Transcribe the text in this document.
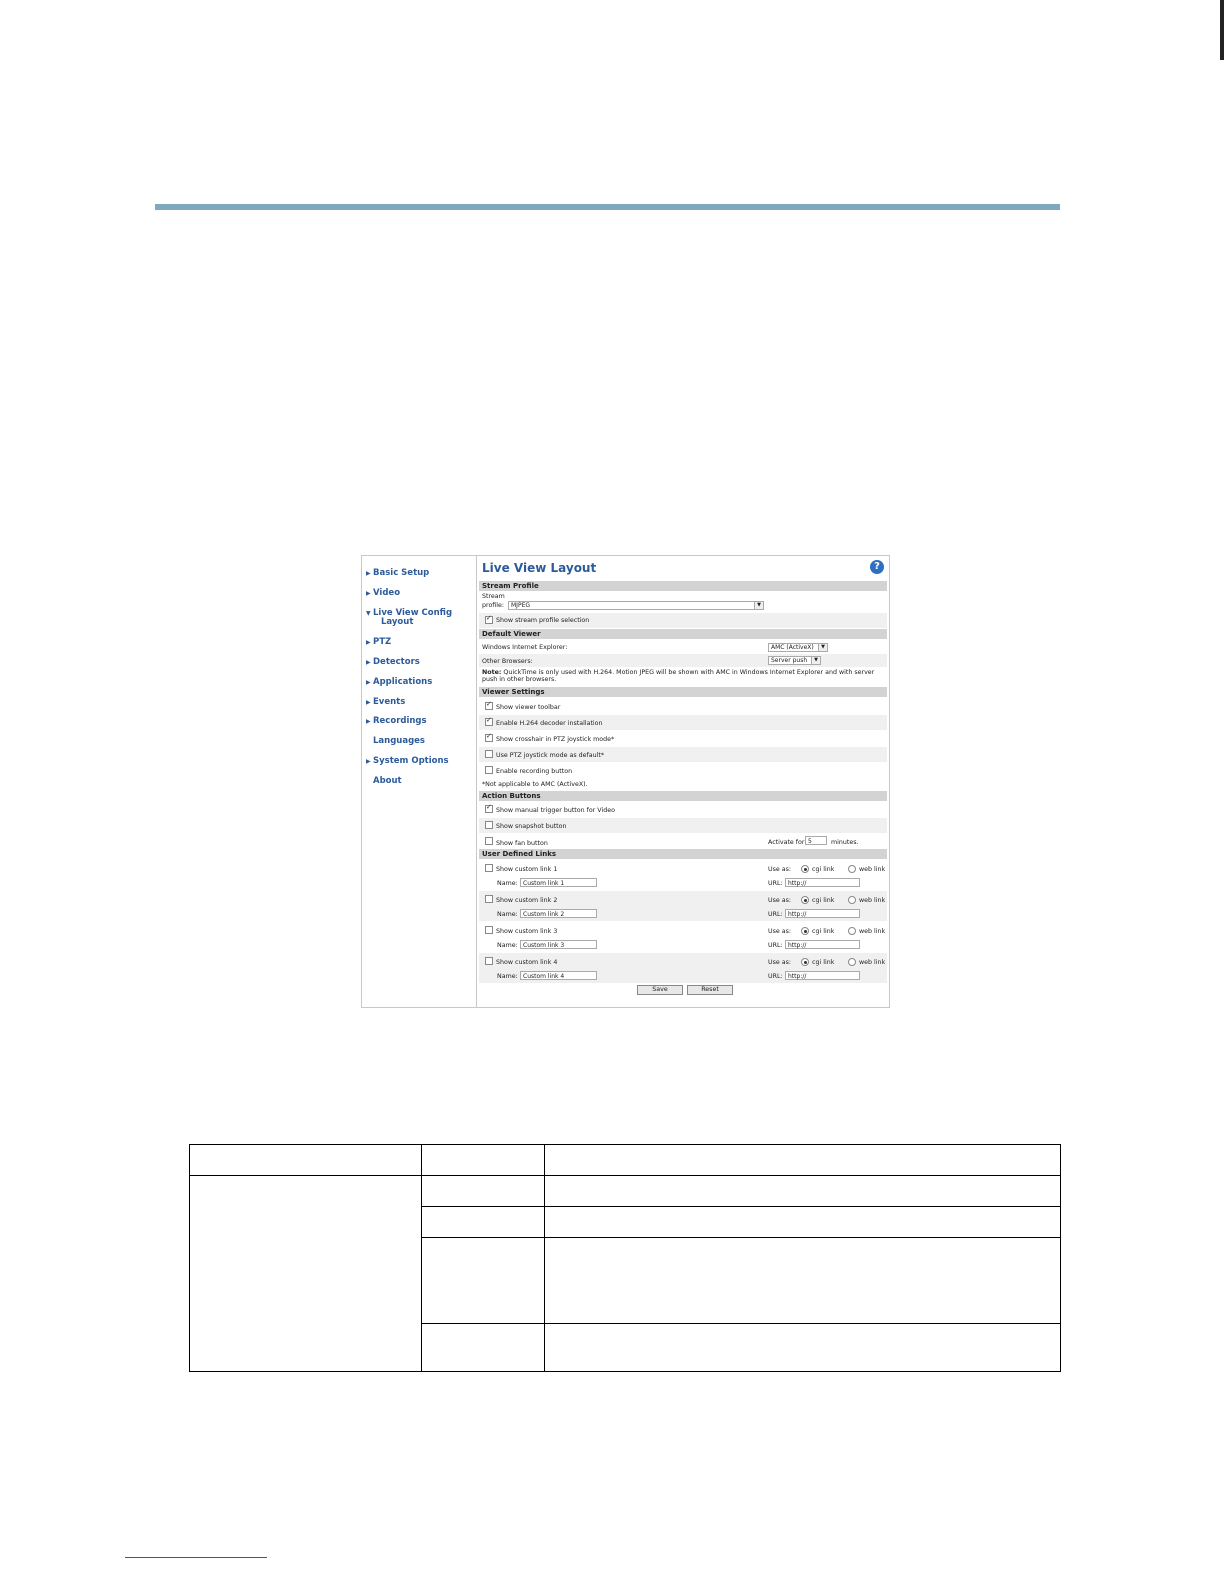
▶ Basic Setup
▶ Video
▼ Live View Config
Layout
▶ PTZ
▶ Detectors
▶ Applications
▶ Events
▶ Recordings
Languages
▶ System Options
About
Live View Layout	?
Stream Profile
Stream
profile:	MJPEG	▼
✓
Show stream profile selection
Default Viewer
Windows Internet Explorer:	AMC (ActiveX)	▼
Other Browsers:	Server push	▼
Note: QuickTime is only used with H.264. Motion JPEG will be shown with AMC in Windows Internet Explorer and with server
push in other browsers.
Viewer Settings
✓
Show viewer toolbar
✓
Enable H.264 decoder installation
✓
Show crosshair in PTZ joystick mode*
Use PTZ joystick mode as default*
Enable recording button
*Not applicable to AMC (ActiveX).
Action Buttons
✓
Show manual trigger button for Video
Show snapshot button
Show fan button	Activate for 5	minutes.
User Defined Links
Show custom link 1	Use as:	cgi link	web link
Name: Custom link 1	URL: http://
Show custom link 2	Use as:	cgi link	web link
Name: Custom link 2	URL: http://
Show custom link 3	Use as:	cgi link	web link
Name: Custom link 3	URL: http://
Show custom link 4	Use as:	cgi link	web link
Name: Custom link 4	URL: http://
Save	Reset
